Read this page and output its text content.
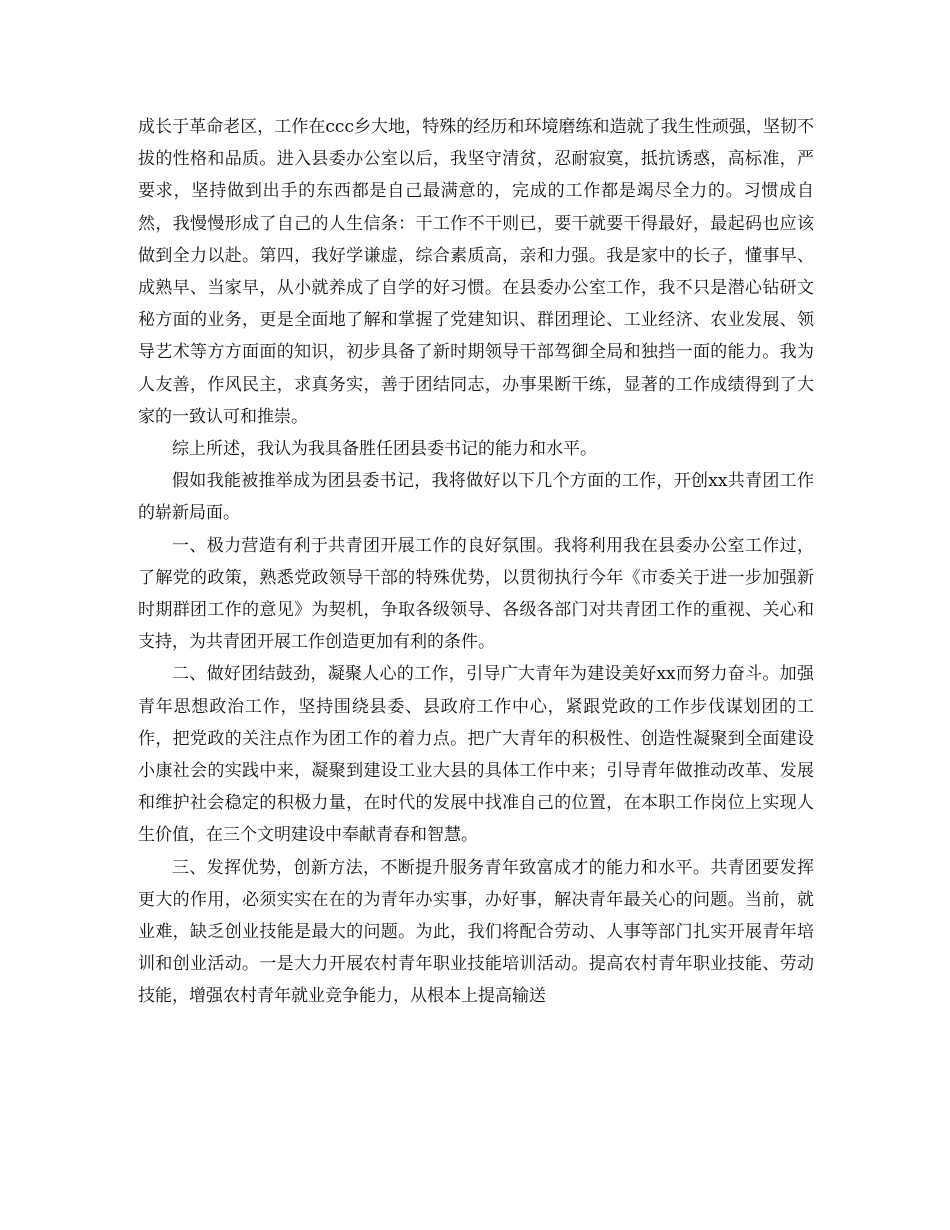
成长于革命老区，工作在ccc乡大地，特殊的经历和环境磨练和造就了我生性顽强，坚韧不拔的性格和品质。进入县委办公室以后，我坚守清贫，忍耐寂寞，抵抗诱惑，高标准，严要求，坚持做到出手的东西都是自己最满意的，完成的工作都是竭尽全力的。习惯成自然，我慢慢形成了自己的人生信条：干工作不干则已，要干就要干得最好，最起码也应该做到全力以赴。第四，我好学谦虚，综合素质高，亲和力强。我是家中的长子，懂事早、成熟早、当家早，从小就养成了自学的好习惯。在县委办公室工作，我不只是潜心钻研文秘方面的业务，更是全面地了解和掌握了党建知识、群团理论、工业经济、农业发展、领导艺术等方方面面的知识，初步具备了新时期领导干部驾御全局和独挡一面的能力。我为人友善，作风民主，求真务实，善于团结同志，办事果断干练，显著的工作成绩得到了大家的一致认可和推崇。

综上所述，我认为我具备胜任团县委书记的能力和水平。

假如我能被推举成为团县委书记，我将做好以下几个方面的工作，开创xx共青团工作的崭新局面。

一、极力营造有利于共青团开展工作的良好氛围。我将利用我在县委办公室工作过，了解党的政策，熟悉党政领导干部的特殊优势，以贯彻执行今年《市委关于进一步加强新时期群团工作的意见》为契机，争取各级领导、各级各部门对共青团工作的重视、关心和支持，为共青团开展工作创造更加有利的条件。

二、做好团结鼓劲，凝聚人心的工作，引导广大青年为建设美好xx而努力奋斗。加强青年思想政治工作，坚持围绕县委、县政府工作中心，紧跟党政的工作步伐谋划团的工作，把党政的关注点作为团工作的着力点。把广大青年的积极性、创造性凝聚到全面建设小康社会的实践中来，凝聚到建设工业大县的具体工作中来；引导青年做推动改革、发展和维护社会稳定的积极力量，在时代的发展中找准自己的位置，在本职工作岗位上实现人生价值，在三个文明建设中奉献青春和智慧。

三、发挥优势，创新方法，不断提升服务青年致富成才的能力和水平。共青团要发挥更大的作用，必须实实在在的为青年办实事，办好事，解决青年最关心的问题。当前，就业难，缺乏创业技能是最大的问题。为此，我们将配合劳动、人事等部门扎实开展青年培训和创业活动。一是大力开展农村青年职业技能培训活动。提高农村青年职业技能、劳动技能，增强农村青年就业竞争能力，从根本上提高输送
